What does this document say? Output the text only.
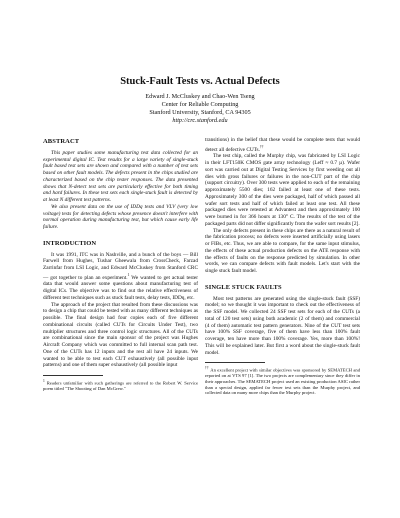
Stuck-Fault Tests vs. Actual Defects
Edward J. McCluskey and Chao-Wen Tseng
Center for Reliable Computing
Stanford University, Stanford, CA 94305
http://crc.stanford.edu
ABSTRACT

This paper studies some manufacturing test data collected for an experimental digital IC. Test results for a large variety of single-stuck fault based test sets are shown and compared with a number of test sets based on other fault models. The defects present in the chips studied are characterized based on the chip tester responses. The data presented shows that N-detect test sets are particularly effective for both timing and hard failures. In these test sets each single-stuck fault is detected by at least N different test patterns.

We also present data on the use of IDDq tests and VLV (very low voltage) tests for detecting defects whose presence doesn't interfere with normal operation during manufacturing test, but which cause early life failure.

INTRODUCTION

It was 1991, ITC was in Nashville, and a bunch of the boys — Bill Farwell from Hughes, Tushar Gheewala from CrossCheck, Farzad Zarrinfar from LSI Logic, and Edward McCluskey from Stanford CRC — got together to plan an experiment.$^1$ We wanted to get actual tester data that would answer some questions about manufacturing test of digital ICs. The objective was to find out the relative effectiveness of different test techniques such as stuck fault tests, delay tests, IDDq, etc.

The approach of the project that resulted from these discussions was to design a chip that could be tested with as many different techniques as possible. The final design had four copies each of five different combinational circuits (called CUTs for Circuits Under Test), two multiplier structures and three control logic structures. All of the CUTs are combinational since the main sponsor of the project was Hughes Aircraft Company which was committed to full internal scan path test. One of the CUTs has 12 inputs and the rest all have 24 inputs. We wanted to be able to test each CUT exhaustively (all possible input patterns) and one of them super exhaustively (all possible input

$^1$ Readers unfamiliar with such gatherings are referred to the Robert W. Service poem titled "The Shooting of Dan McGrew."

transitions) in the belief that these would be complete tests that would detect all defective CUTs.††

The test chip, called the Murphy chip, was fabricated by LSI Logic in their LFT150K CMOS gate array technology (Leff ≈ 0.7 µ). Wafer sort was carried out at Digital Testing Services by first weeding out all dies with gross failures or failures in the non-CUT part of the chip (support circuitry). Over 300 tests were applied to each of the remaining approximately 5500 dies; 162 failed at least one of these tests. Approximately 300 of the dies were packaged, half of which passed all wafer sort tests and half of which failed at least one test. All these packaged dies were retested at Advantest and then approximately 100 were burned in for 366 hours at 130° C. The results of the test of the packaged parts did not differ significantly from the wafer sort results [2].

The only defects present in these chips are there as a natural result of the fabrication process; no defects were inserted artificially using lasers or FIBs, etc. Thus, we are able to compare, for the same input stimulus, the effects of these actual production defects on the ATE response with the effects of faults on the response predicted by simulation. In other words, we can compare defects with fault models. Let's start with the single stuck fault model.

SINGLE STUCK FAULTS

Most test patterns are generated using the single-stuck fault (SSF) model; so we thought it was important to check out the effectiveness of the SSF model. We collected 24 SSF test sets for each of the CUTs (a total of 120 test sets) using both academic (2 of them) and commercial (4 of them) automatic test pattern generators. Nine of the CUT test sets have 100% SSF coverage, five of them have less than 100% fault coverage, ten have more than 100% coverage. Yes, more than 100%! This will be explained later. But first a word about the single-stuck fault model.

†† An excellent project with similar objectives was sponsored by SEMATECH and reported on at VTS 97 [1]. The two projects are complementary since they differ in their approaches. The SEMATECH project used an existing production ASIC rather than a special design, applied far fewer test sets than the Murphy project, and collected data on many more chips than the Murphy project.
